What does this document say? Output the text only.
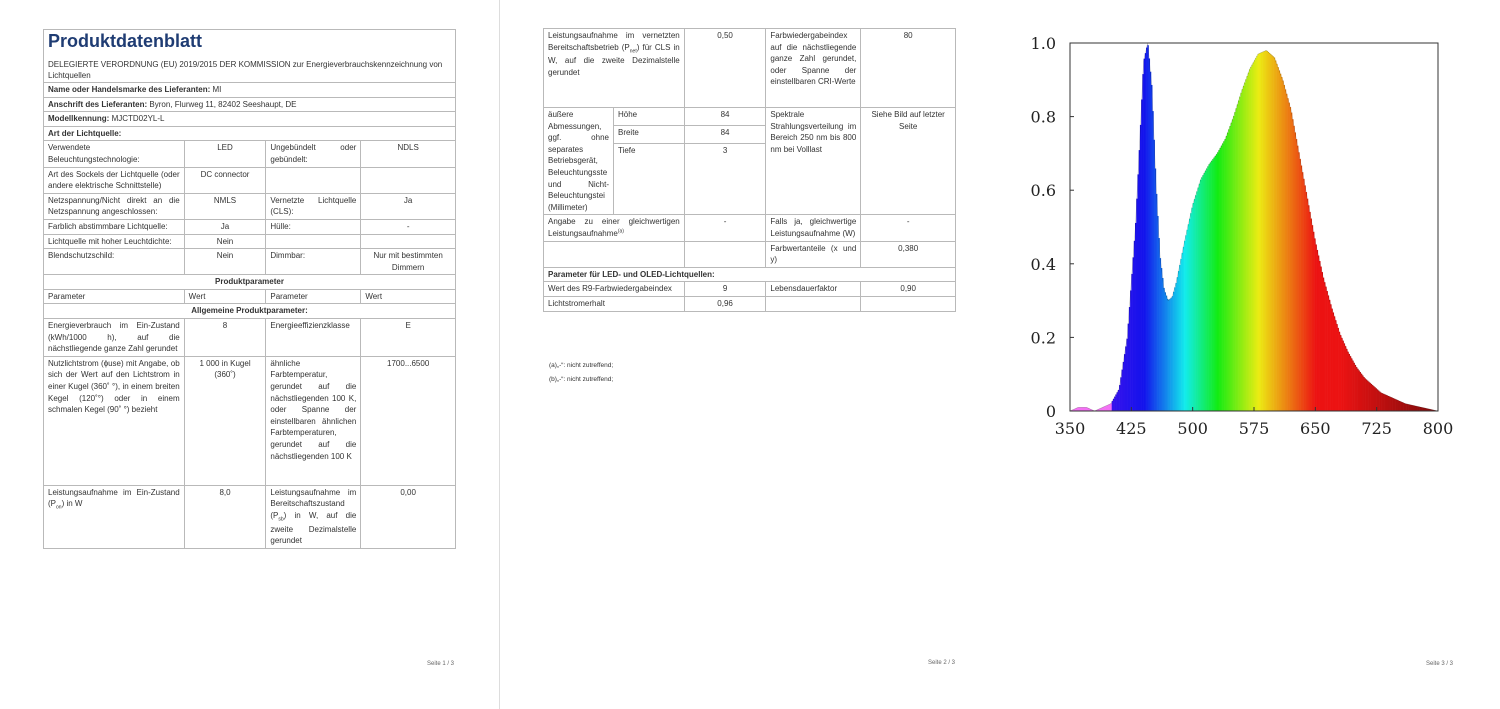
Produktdatenblatt
DELEGIERTE VERORDNUNG (EU) 2019/2015 DER KOMMISSION zur Energieverbrauchskennzeichnung von Lichtquellen			

Name oder Handelsmarke des Lieferanten: MI			
Anschrift des Lieferanten: Byron, Flurweg 11, 82402 Seeshaupt, DE			
Modellkennung: MJCTD02YL-L			
Art der Lichtquelle:			
Verwendete Beleuchtungstechnologie:	LED	Ungebündelt oder gebündelt:	NDLS
Art des Sockels der Lichtquelle (oder andere elektrische Schnittstelle)	DC connector		
Netzspannung/Nicht direkt an die Netzspannung angeschlossen:	NMLS	Vernetzte Lichtquelle (CLS):	Ja
Farblich abstimmbare Lichtquelle:	Ja	Hülle:	-
Lichtquelle mit hoher Leuchtdichte:	Nein		
Blendschutzschild:	Nein	Dimmbar:	Nur mit bestimmten Dimmern
Produktparameter			
Parameter	Wert	Parameter	Wert
Allgemeine Produktparameter:			
Energieverbrauch im Ein-Zustand (kWh/1000 h), auf die nächstliegende ganze Zahl gerundet	8	Energieeffizienzklasse	E
Nutzlichtstrom (ɸuse) mit Angabe, ob sich der Wert auf den Lichtstrom in einer Kugel (360˚ °), in einem breiten Kegel (120˚°) oder in einem schmalen Kegel (90˚ °) bezieht	1 000 in Kugel (360˚)	ähnliche Farbtemperatur, gerundet auf die nächstliegenden 100 K, oder Spanne der einstellbaren ähnlichen Farbtemperaturen, gerundet auf die nächstliegenden 100 K	1700...6500
Leistungsaufnahme im Ein-Zustand $(P_{on})$ in W	8,0	Leistungsaufnahme im Bereitschaftszustand $(P_{sb})$ in W, auf die zweite Dezimalstelle gerundet	0,00
Seite 1 / 3
Leistungsaufnahme im vernetzten Bereitschaftsbetrieb $(P_{net})$ für CLS in W, auf die zweite Dezimalstelle gerundet		0,50	Farbwiedergabeindex auf die nächstliegende ganze Zahl gerundet, oder Spanne der einstellbaren CRI-Werte	80
äußere Abmessungen, ggf. ohne separates Betriebsgerät, Beleuchtungsste und Nicht-Beleuchtungstei (Millimeter)	Höhe	84	Spektrale Strahlungsverteilung im Bereich 250 nm bis 800 nm bei Volllast	Siehe Bild auf letzter Seite
	Breite	84		
	Tiefe	3		
Angabe zu einer gleichwertigen Leistungsaufnahme$^{(a)}$		-	Falls ja, gleichwertige Leistungsaufnahme (W)	-
			Farbwertanteile (x und y)	0,380
Parameter für LED- und OLED-Lichtquellen:				
Wert des R9-Farbwiedergabeindex		9	Lebensdauerfaktor	0,90
Lichtstromerhalt		0,96		
(a)„-“: nicht zutreffend;
(b)„-“: nicht zutreffend;
Seite 2 / 3
350 425 500 575 650 725 800
0
0.2
0.4
0.6
0.8
1.0
Seite 3 / 3
